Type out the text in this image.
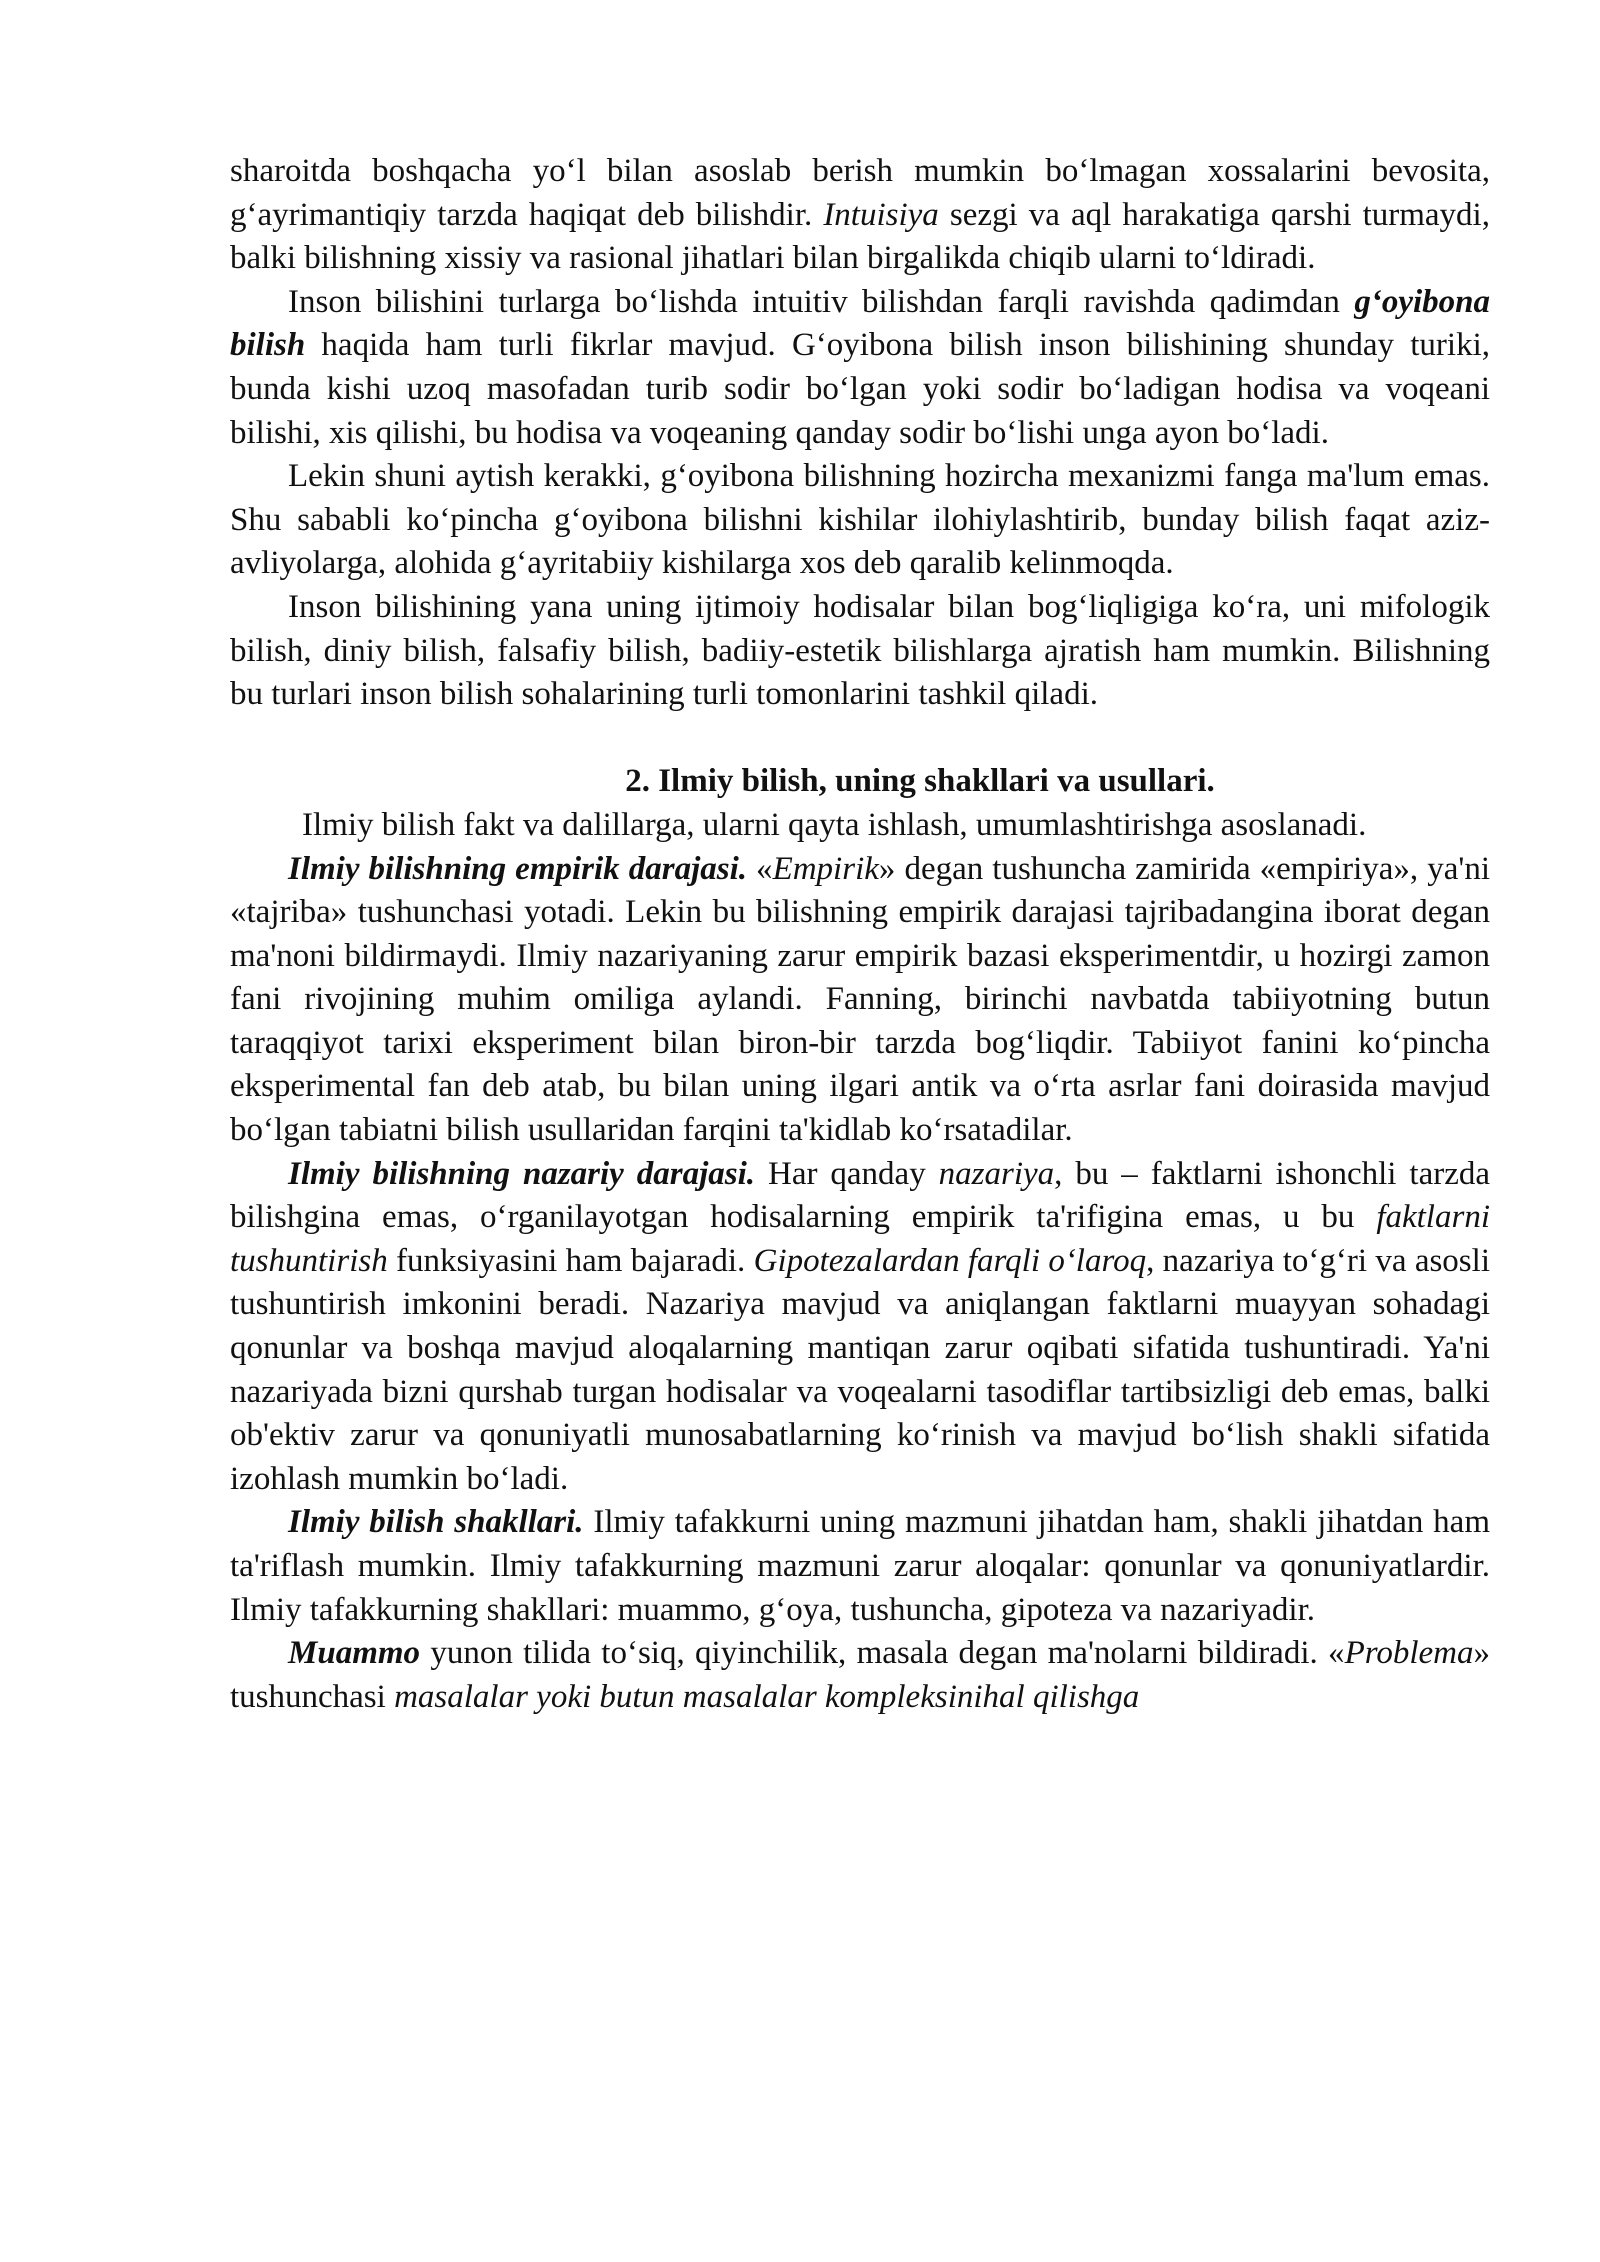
sharoitda boshqacha yo‘l bilan asoslab berish mumkin bo‘lmagan xossalarini bevosita, g‘ayrimantiqiy tarzda haqiqat deb bilishdir. Intuisiya sezgi va aql harakatiga qarshi turmaydi, balki bilishning xissiy va rasional jihatlari bilan birgalikda chiqib ularni to‘ldiradi.

Inson bilishini turlarga bo‘lishda intuitiv bilishdan farqli ravishda qadimdan g‘oyibona bilish haqida ham turli fikrlar mavjud. G‘oyibona bilish inson bilishining shunday turiki, bunda kishi uzoq masofadan turib sodir bo‘lgan yoki sodir bo‘ladigan hodisa va voqeani bilishi, xis qilishi, bu hodisa va voqeaning qanday sodir bo‘lishi unga ayon bo‘ladi.

Lekin shuni aytish kerakki, g‘oyibona bilishning hozircha mexanizmi fanga ma'lum emas. Shu sababli ko‘pincha g‘oyibona bilishni kishilar ilohiylashtirib, bunday bilish faqat aziz-avliyolarga, alohida g‘ayritabiiy kishilarga xos deb qaralib kelinmoqda.

Inson bilishining yana uning ijtimoiy hodisalar bilan bog‘liqligiga ko‘ra, uni mifologik bilish, diniy bilish, falsafiy bilish, badiiy-estetik bilishlarga ajratish ham mumkin. Bilishning bu turlari inson bilish sohalarining turli tomonlarini tashkil qiladi.

2. Ilmiy bilish, uning shakllari va usullari.

Ilmiy bilish fakt va dalillarga, ularni qayta ishlash, umumlashtirishga asoslanadi.

Ilmiy bilishning empirik darajasi. «Empirik» degan tushuncha zamirida «empiriya», ya'ni «tajriba» tushunchasi yotadi. Lekin bu bilishning empirik darajasi tajribadangina iborat degan ma'noni bildirmaydi. Ilmiy nazariyaning zarur empirik bazasi eksperimentdir, u hozirgi zamon fani rivojining muhim omiliga aylandi. Fanning, birinchi navbatda tabiiyotning butun taraqqiyot tarixi eksperiment bilan biron-bir tarzda bog‘liqdir. Tabiiyot fanini ko‘pincha eksperimental fan deb atab, bu bilan uning ilgari antik va o‘rta asrlar fani doirasida mavjud bo‘lgan tabiatni bilish usullaridan farqini ta'kidlab ko‘rsatadilar.

Ilmiy bilishning nazariy darajasi. Har qanday nazariya, bu – faktlarni ishonchli tarzda bilishgina emas, o‘rganilayotgan hodisalarning empirik ta'rifigina emas, u bu faktlarni tushuntirish funksiyasini ham bajaradi. Gipotezalardan farqli o‘laroq, nazariya to‘g‘ri va asosli tushuntirish imkonini beradi. Nazariya mavjud va aniqlangan faktlarni muayyan sohadagi qonunlar va boshqa mavjud aloqalarning mantiqan zarur oqibati sifatida tushuntiradi. Ya'ni nazariyada bizni qurshab turgan hodisalar va voqealarni tasodiflar tartibsizligi deb emas, balki ob'ektiv zarur va qonuniyatli munosabatlarning ko‘rinish va mavjud bo‘lish shakli sifatida izohlash mumkin bo‘ladi.

Ilmiy bilish shakllari. Ilmiy tafakkurni uning mazmuni jihatdan ham, shakli jihatdan ham ta'riflash mumkin. Ilmiy tafakkurning mazmuni zarur aloqalar: qonunlar va qonuniyatlardir. Ilmiy tafakkurning shakllari: muammo, g‘oya, tushuncha, gipoteza va nazariyadir.

Muammo yunon tilida to‘siq, qiyinchilik, masala degan ma'nolarni bildiradi. «Problema» tushunchasi masalalar yoki butun masalalar kompleksinihal qilishga
